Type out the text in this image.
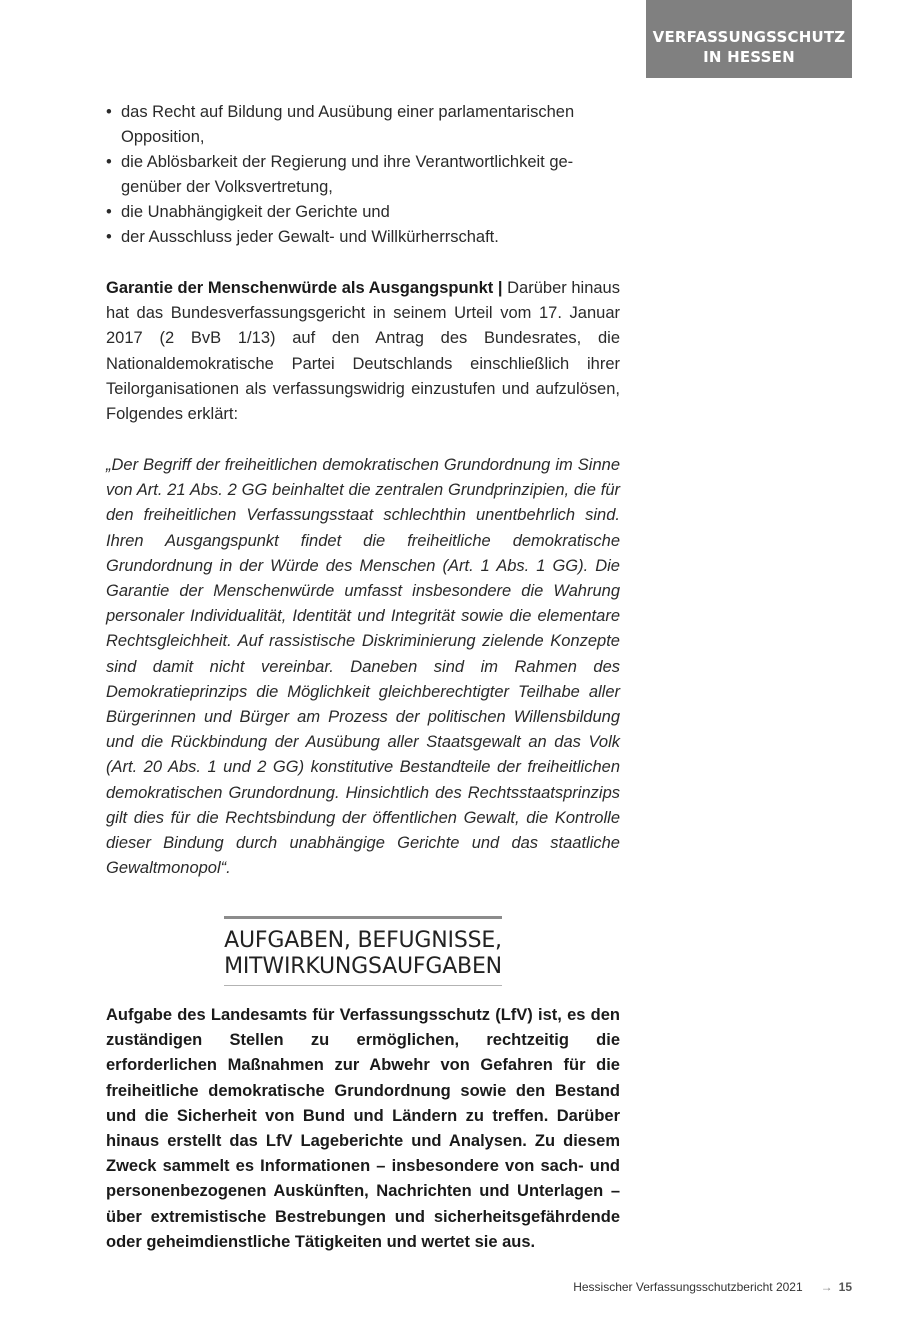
VERFASSUNGSSCHUTZ
IN HESSEN
• das Recht auf Bildung und Ausübung einer parlamentarischen
Opposition,
• die Ablösbarkeit der Regierung und ihre Verantwortlichkeit ge-
genüber der Volksvertretung,
• die Unabhängigkeit der Gerichte und
• der Ausschluss jeder Gewalt- und Willkürherrschaft.

Garantie der Menschenwürde als Ausgangspunkt | Darüber hinaus hat das Bundesverfassungsgericht in seinem Urteil vom 17. Januar 2017 (2 BvB 1/13) auf den Antrag des Bundesrates, die Nationaldemokratische Partei Deutschlands einschließlich ihrer Teilorganisationen als verfassungswidrig einzustufen und aufzulösen, Folgendes erklärt:

„Der Begriff der freiheitlichen demokratischen Grundordnung im Sinne von Art. 21 Abs. 2 GG beinhaltet die zentralen Grundprinzipien, die für den freiheitlichen Verfassungsstaat schlechthin unentbehrlich sind. Ihren Ausgangspunkt findet die freiheitliche demokratische Grundordnung in der Würde des Menschen (Art. 1 Abs. 1 GG). Die Garantie der Menschenwürde umfasst insbesondere die Wahrung personaler Individualität, Identität und Integrität sowie die elementare Rechtsgleichheit. Auf rassistische Diskriminierung zielende Konzepte sind damit nicht vereinbar. Daneben sind im Rahmen des Demokratieprinzips die Möglichkeit gleichberechtigter Teilhabe aller Bürgerinnen und Bürger am Prozess der politischen Willensbildung und die Rückbindung der Ausübung aller Staatsgewalt an das Volk (Art. 20 Abs. 1 und 2 GG) konstitutive Bestandteile der freiheitlichen demokratischen Grundordnung. Hinsichtlich des Rechtsstaatsprinzips gilt dies für die Rechtsbindung der öffentlichen Gewalt, die Kontrolle dieser Bindung durch unabhängige Gerichte und das staatliche Gewaltmonopol“.

AUFGABEN, BEFUGNISSE,
MITWIRKUNGSAUFGABEN

Aufgabe des Landesamts für Verfassungsschutz (LfV) ist, es den zuständigen Stellen zu ermöglichen, rechtzeitig die erforderlichen Maßnahmen zur Abwehr von Gefahren für die freiheitliche demokratische Grundordnung sowie den Bestand und die Sicherheit von Bund und Ländern zu treffen. Darüber hinaus erstellt das LfV Lageberichte und Analysen. Zu diesem Zweck sammelt es Informationen – insbesondere von sach- und personenbezogenen Auskünften, Nachrichten und Unterlagen – über extremistische Bestrebungen und sicherheitsgefährdende oder geheimdienstliche Tätigkeiten und wertet sie aus.

Hessischer Verfassungsschutzbericht 2021 → 15
